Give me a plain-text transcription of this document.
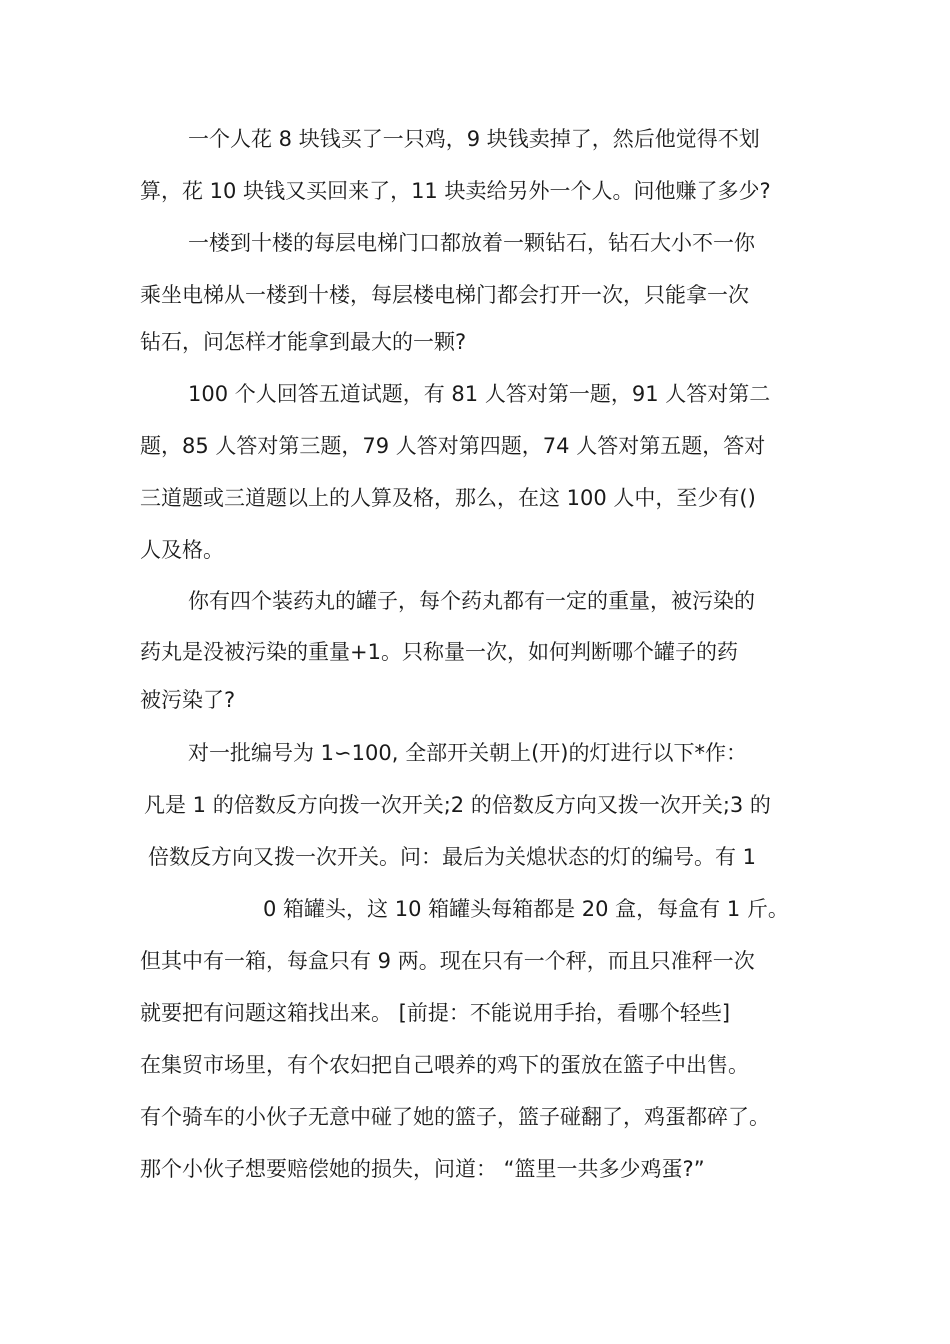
一个人花 8 块钱买了一只鸡，9 块钱卖掉了，然后他觉得不划
算，花 10 块钱又买回来了，11 块卖给另外一个人。问他赚了多少?
一楼到十楼的每层电梯门口都放着一颗钻石，钻石大小不一你
乘坐电梯从一楼到十楼，每层楼电梯门都会打开一次，只能拿一次
钻石，问怎样才能拿到最大的一颗?
100 个人回答五道试题，有 81 人答对第一题，91 人答对第二
题，85 人答对第三题，79 人答对第四题，74 人答对第五题，答对
三道题或三道题以上的人算及格，那么，在这 100 人中，至少有()
人及格。
你有四个装药丸的罐子，每个药丸都有一定的重量，被污染的
药丸是没被污染的重量+1。只称量一次，如何判断哪个罐子的药
被污染了?
对一批编号为 1∽100, 全部开关朝上(开)的灯进行以下*作：
凡是 1 的倍数反方向拨一次开关;2 的倍数反方向又拨一次开关;3 的
倍数反方向又拨一次开关。问：最后为关熄状态的灯的编号。有 1
0 箱罐头，这 10 箱罐头每箱都是 20 盒，每盒有 1 斤。
但其中有一箱，每盒只有 9 两。现在只有一个秤，而且只准秤一次
就要把有问题这箱找出来。 [前提：不能说用手抬，看哪个轻些]
在集贸市场里，有个农妇把自己喂养的鸡下的蛋放在篮子中出售。
有个骑车的小伙子无意中碰了她的篮子，篮子碰翻了，鸡蛋都碎了。
那个小伙子想要赔偿她的损失，问道： “篮里一共多少鸡蛋?”
